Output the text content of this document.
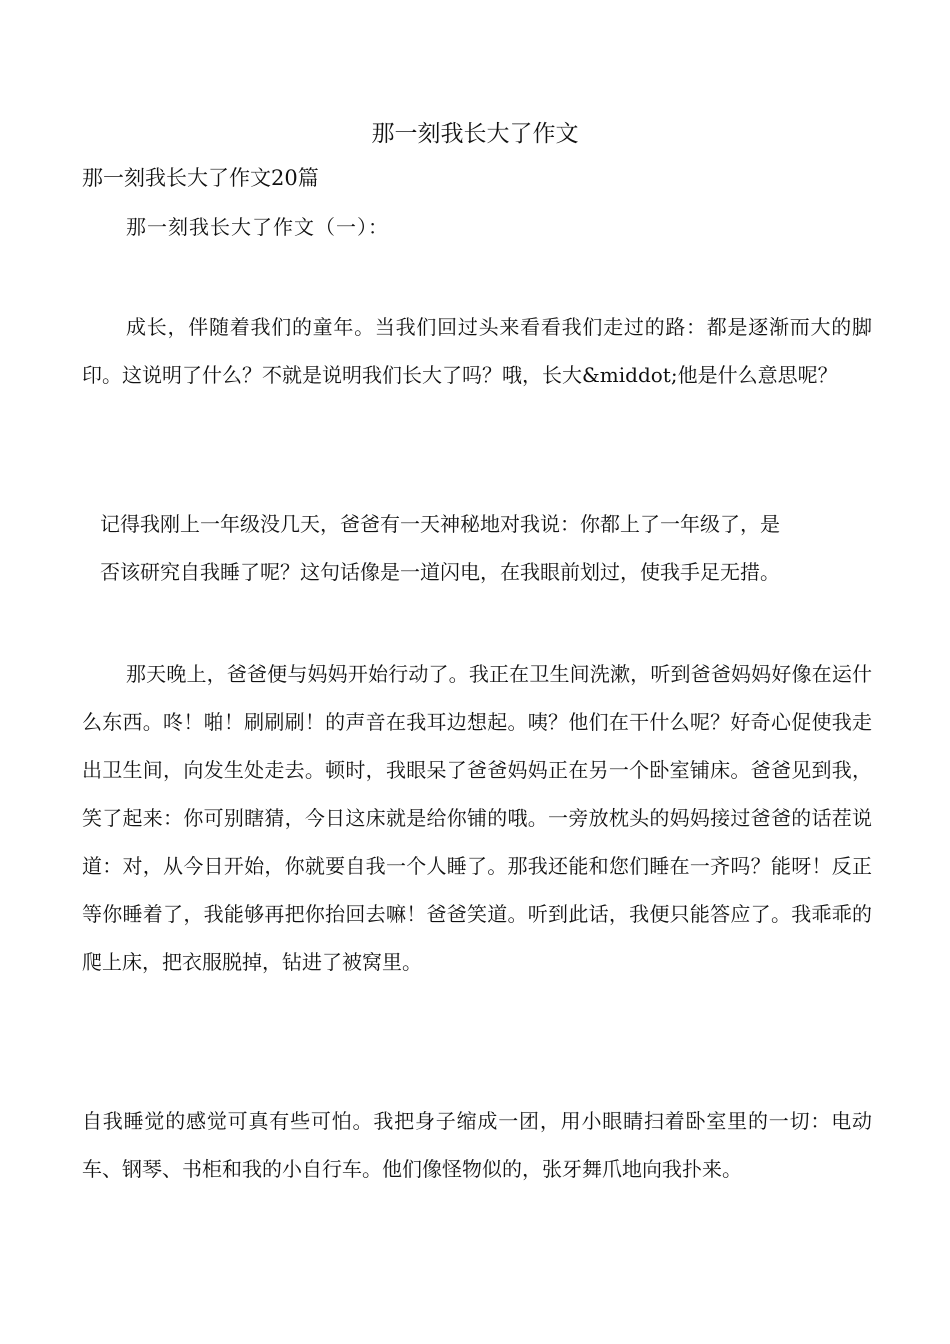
那一刻我长大了作文

那一刻我长大了作文20篇

那一刻我长大了作文（一）：

成长，伴随着我们的童年。当我们回过头来看看我们走过的路：都是逐渐而大的脚印。这说明了什么？不就是说明我们长大了吗？哦，长大&middot;他是什么意思呢？

记得我刚上一年级没几天，爸爸有一天神秘地对我说：你都上了一年级了，是
否该研究自我睡了呢？这句话像是一道闪电，在我眼前划过，使我手足无措。

那天晚上，爸爸便与妈妈开始行动了。我正在卫生间洗漱，听到爸爸妈妈好像在运什么东西。咚！啪！刷刷刷！的声音在我耳边想起。咦？他们在干什么呢？好奇心促使我走出卫生间，向发生处走去。顿时，我眼呆了爸爸妈妈正在另一个卧室铺床。爸爸见到我，笑了起来：你可别瞎猜，今日这床就是给你铺的哦。一旁放枕头的妈妈接过爸爸的话茬说道：对，从今日开始，你就要自我一个人睡了。那我还能和您们睡在一齐吗？能呀！反正等你睡着了，我能够再把你抬回去嘛！爸爸笑道。听到此话，我便只能答应了。我乖乖的爬上床，把衣服脱掉，钻进了被窝里。

自我睡觉的感觉可真有些可怕。我把身子缩成一团，用小眼睛扫着卧室里的一切：电动车、钢琴、书柜和我的小自行车。他们像怪物似的，张牙舞爪地向我扑来。
